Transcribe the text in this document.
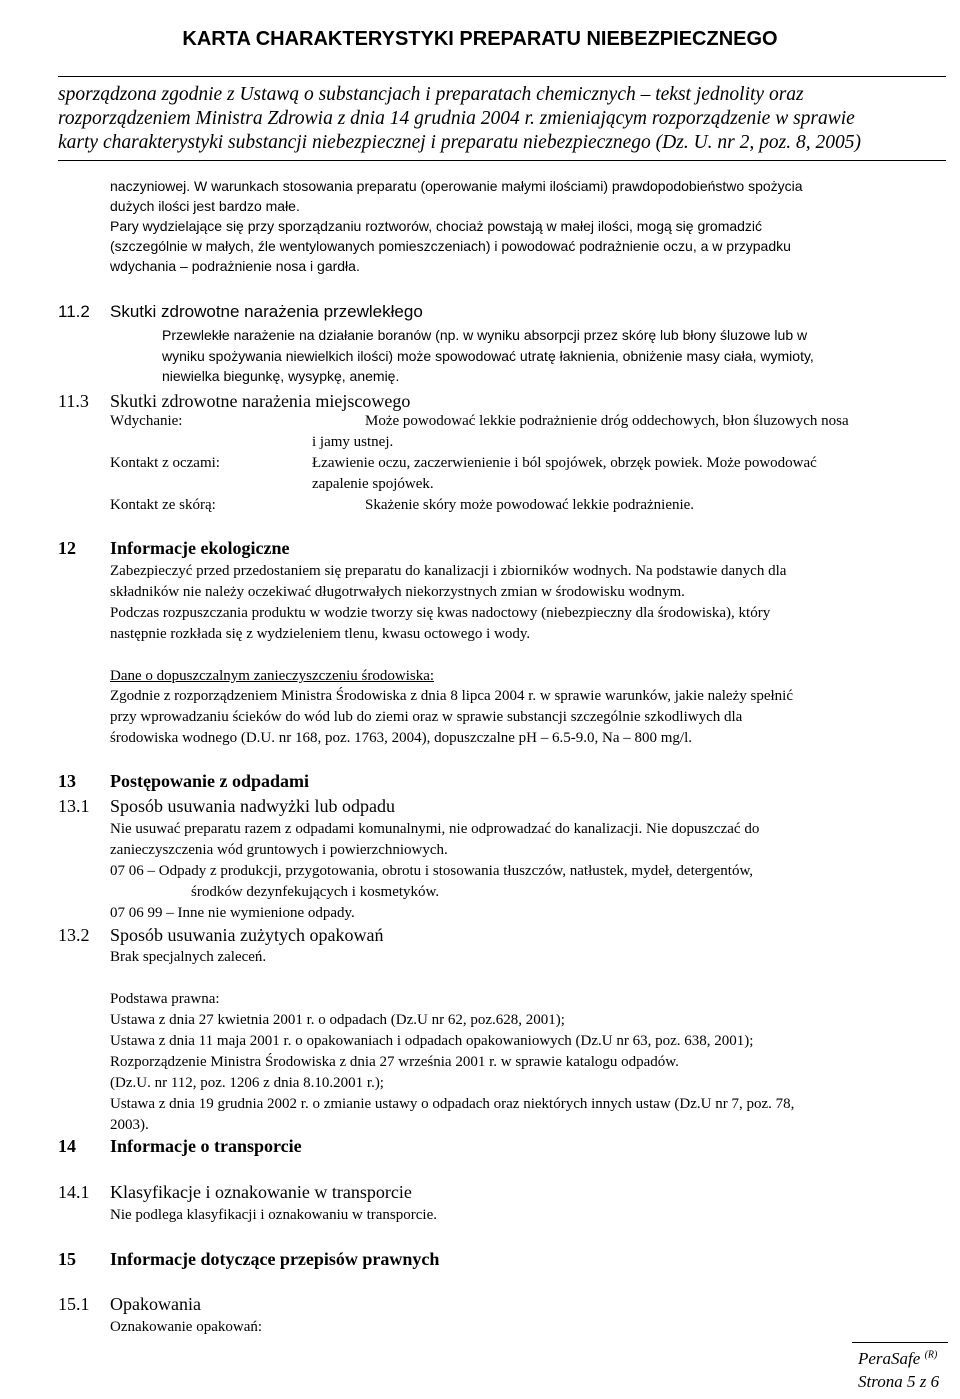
KARTA CHARAKTERYSTYKI PREPARATU NIEBEZPIECZNEGO
sporządzona zgodnie z Ustawą o substancjach i preparatach chemicznych – tekst jednolity oraz
rozporządzeniem Ministra Zdrowia z dnia 14 grudnia 2004 r. zmieniającym rozporządzenie w sprawie
karty charakterystyki substancji niebezpiecznej i preparatu niebezpiecznego (Dz. U. nr 2, poz. 8, 2005)
naczyniowej. W warunkach stosowania preparatu (operowanie małymi ilościami) prawdopodobieństwo spożycia
dużych ilości jest bardzo małe.
Pary wydzielające się przy sporządzaniu roztworów, chociaż powstają w małej ilości, mogą się gromadzić
(szczególnie w małych, źle wentylowanych pomieszczeniach) i powodować podrażnienie oczu, a w przypadku
wdychania – podrażnienie nosa i gardła.
11.2 Skutki zdrowotne narażenia przewlekłego
Przewlekłe narażenie na działanie boranów (np. w wyniku absorpcji przez skórę lub błony śluzowe lub w
wyniku spożywania niewielkich ilości) może spowodować utratę łaknienia, obniżenie masy ciała, wymioty,
niewielka biegunkę, wysypkę, anemię.
11.3 Skutki zdrowotne narażenia miejscowego
Wdychanie:	Może powodować lekkie podrażnienie dróg oddechowych, błon śluzowych nosa
i jamy ustnej.
Kontakt z oczami:	Łzawienie oczu, zaczerwienienie i ból spojówek, obrzęk powiek. Może powodować
zapalenie spojówek.
Kontakt ze skórą:	Skażenie skóry może powodować lekkie podrażnienie.
12 Informacje ekologiczne
Zabezpieczyć przed przedostaniem się preparatu do kanalizacji i zbiorników wodnych. Na podstawie danych dla
składników nie należy oczekiwać długotrwałych niekorzystnych zmian w środowisku wodnym.
Podczas rozpuszczania produktu w wodzie tworzy się kwas nadoctowy (niebezpieczny dla środowiska), który
następnie rozkłada się z wydzieleniem tlenu, kwasu octowego i wody.
Dane o dopuszczalnym zanieczyszczeniu środowiska:
Zgodnie z rozporządzeniem Ministra Środowiska z dnia 8 lipca 2004 r. w sprawie warunków, jakie należy spełnić
przy wprowadzaniu ścieków do wód lub do ziemi oraz w sprawie substancji szczególnie szkodliwych dla
środowiska wodnego (D.U. nr 168, poz. 1763, 2004), dopuszczalne pH – 6.5-9.0, Na – 800 mg/l.
13 Postępowanie z odpadami
13.1 Sposób usuwania nadwyżki lub odpadu
Nie usuwać preparatu razem z odpadami komunalnymi, nie odprowadzać do kanalizacji. Nie dopuszczać do
zanieczyszczenia wód gruntowych i powierzchniowych.
07 06 – Odpady z produkcji, przygotowania, obrotu i stosowania tłuszczów, natłustek, mydeł, detergentów,
środków dezynfekujących i kosmetyków.
07 06 99 – Inne nie wymienione odpady.
13.2 Sposób usuwania zużytych opakowań
Brak specjalnych zaleceń.
Podstawa prawna:
Ustawa z dnia 27 kwietnia 2001 r. o odpadach (Dz.U nr 62, poz.628, 2001);
Ustawa z dnia 11 maja 2001 r. o opakowaniach i odpadach opakowaniowych (Dz.U nr 63, poz. 638, 2001);
Rozporządzenie Ministra Środowiska z dnia 27 września 2001 r. w sprawie katalogu odpadów.
(Dz.U. nr 112, poz. 1206 z dnia 8.10.2001 r.);
Ustawa z dnia 19 grudnia 2002 r. o zmianie ustawy o odpadach oraz niektórych innych ustaw (Dz.U nr 7, poz. 78,
2003).
14 Informacje o transporcie
14.1 Klasyfikacje i oznakowanie w transporcie
Nie podlega klasyfikacji i oznakowaniu w transporcie.
15 Informacje dotyczące przepisów prawnych
15.1 Opakowania
Oznakowanie opakowań:
PeraSafe $^{(R)}$
Strona 5 z 6
